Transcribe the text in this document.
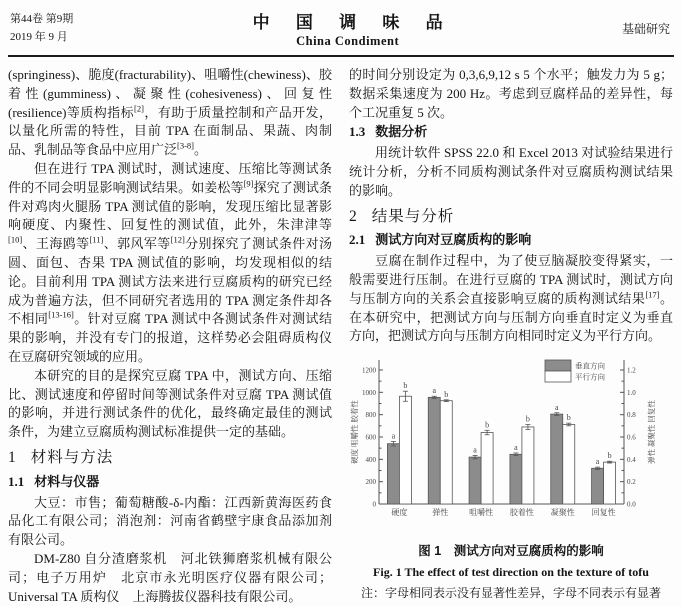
第44卷 第9期
2019 年 9 月
中 国 调 味 品
China Condiment
基础研究

(springiness)、脆度(fracturability)、咀嚼性(chewiness)、胶着性(gumminess)、凝聚性(cohesiveness)、回复性(resilience)等质构指标[2]，有助于质量控制和产品开发，以量化所需的特性，目前 TPA 在面制品、果蔬、肉制品、乳制品等食品中应用广泛[3-8]。

但在进行 TPA 测试时，测试速度、压缩比等测试条件的不同会明显影响测试结果。如姜松等[9]探究了测试条件对鸡肉火腿肠 TPA 测试值的影响，发现压缩比显著影响硬度、内聚性、回复性的测试值，此外，朱津津等[10]、王海鸥等[11]、郭风军等[12]分别探究了测试条件对汤圆、面包、杏果 TPA 测试值的影响，均发现相似的结论。目前利用 TPA 测试方法来进行豆腐质构的研究已经成为普遍方法，但不同研究者选用的 TPA 测定条件却各不相同[13-16]。针对豆腐 TPA 测试中各测试条件对测试结果的影响，并没有专门的报道，这样势必会阻碍质构仪在豆腐研究领域的应用。

本研究的目的是探究豆腐 TPA 中，测试方向、压缩比、测试速度和停留时间等测试条件对豆腐 TPA 测试值的影响，并进行测试条件的优化，最终确定最佳的测试条件，为建立豆腐质构测试标准提供一定的基础。

1 材料与方法
1.1 材料与仪器

大豆：市售；葡萄糖酸-δ-内酯：江西新黄海医药食品化工有限公司；消泡剂：河南省鹤壁宇康食品添加剂有限公司。

DM-Z80 自分渣磨浆机　河北铁狮磨浆机械有限公司；电子万用炉　北京市永光明医疗仪器有限公司；Universal TA 质构仪　上海腾拔仪器科技有限公司。

的时间分别设定为 0,3,6,9,12 s 5 个水平；触发力为 5 g；数据采集速度为 200 Hz。考虑到豆腐样品的差异性，每个工况重复 5 次。

1.3 数据分析

用统计软件 SPSS 22.0 和 Excel 2013 对试验结果进行统计分析，分析不同质构测试条件对豆腐质构测试结果的影响。

2 结果与分析
2.1 测试方向对豆腐质构的影响

豆腐在制作过程中，为了使豆脑凝胶变得紧实，一般需要进行压制。在进行豆腐的 TPA 测试时，测试方向与压制方向的关系会直接影响豆腐的质构测试结果[17]。在本研究中，把测试方向与压制方向垂直时定义为垂直方向，把测试方向与压制方向相同时定义为平行方向。

0
200
400
600
800
1000
1200
0.0
0.2
0.4
0.6
0.8
1.0
1.2
硬度
a
b
弹性
a b
咀嚼性
a
b
胶着性
a
b
凝聚性
a
b
回复性
a
b
垂直方向
平行方向
硬度 咀嚼性 胶着性	弹性 凝聚性 回复性
图 1　测试方向对豆腐质构的影响
Fig. 1 The effect of test direction on the texture of tofu
注：字母相同表示没有显著性差异，字母不同表示有显著
